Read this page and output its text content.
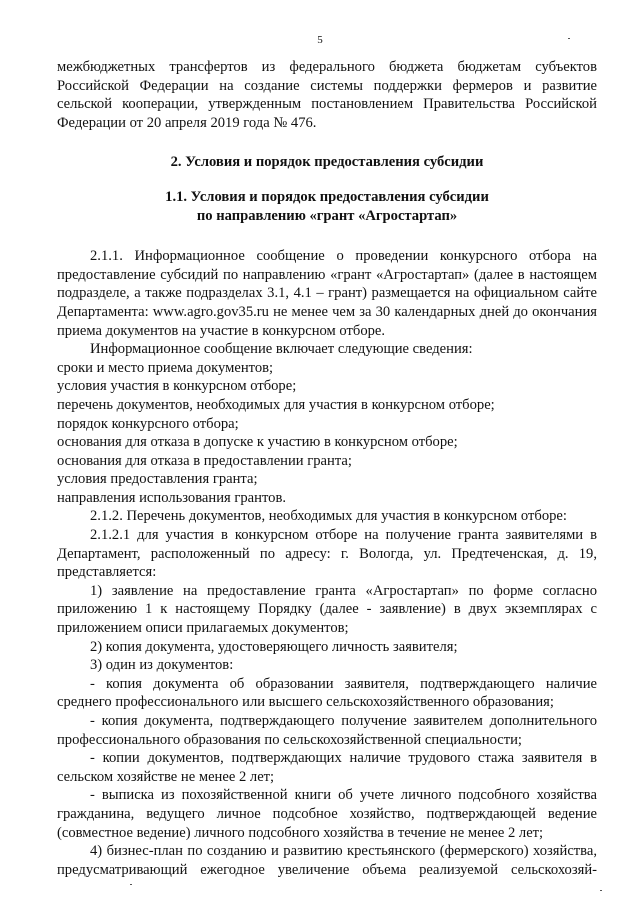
5

межбюджетных трансфертов из федерального бюджета бюджетам субъектов Российской Федерации на создание системы поддержки фермеров и развитие сельской кооперации, утвержденным постановлением Правительства Российской Федерации от 20 апреля 2019 года № 476.

2. Условия и порядок предоставления субсидии

1.1. Условия и порядок предоставления субсидии
по направлению «грант «Агростартап»

2.1.1. Информационное сообщение о проведении конкурсного отбора на предоставление субсидий по направлению «грант «Агростартап» (далее в настоящем подразделе, а также подразделах 3.1, 4.1 – грант) размещается на официальном сайте Департамента: www.agro.gov35.ru не менее чем за 30 календарных дней до окончания приема документов на участие в конкурсном отборе.

Информационное сообщение включает следующие сведения:

сроки и место приема документов;

условия участия в конкурсном отборе;

перечень документов, необходимых для участия в конкурсном отборе;

порядок конкурсного отбора;

основания для отказа в допуске к участию в конкурсном отборе;

основания для отказа в предоставлении гранта;

условия предоставления гранта;

направления использования грантов.

2.1.2. Перечень документов, необходимых для участия в конкурсном отборе:

2.1.2.1 для участия в конкурсном отборе на получение гранта заявителями в Департамент, расположенный по адресу: г. Вологда, ул. Предтеченская, д. 19, представляется:

1) заявление на предоставление гранта «Агростартап» по форме согласно приложению 1 к настоящему Порядку (далее - заявление) в двух экземплярах с приложением описи прилагаемых документов;

2) копия документа, удостоверяющего личность заявителя;

3) один из документов:

- копия документа об образовании заявителя, подтверждающего наличие среднего профессионального или высшего сельскохозяйственного образования;

- копия документа, подтверждающего получение заявителем дополнительного профессионального образования по сельскохозяйственной специальности;

- копии документов, подтверждающих наличие трудового стажа заявителя в сельском хозяйстве не менее 2 лет;

- выписка из похозяйственной книги об учете личного подсобного хозяйства гражданина, ведущего личное подсобное хозяйство, подтверждающей ведение (совместное ведение) личного подсобного хозяйства в течение не менее 2 лет;

4) бизнес-план по созданию и развитию крестьянского (фермерского) хозяйства, предусматривающий ежегодное увеличение объема реализуемой сельскохозяй-
